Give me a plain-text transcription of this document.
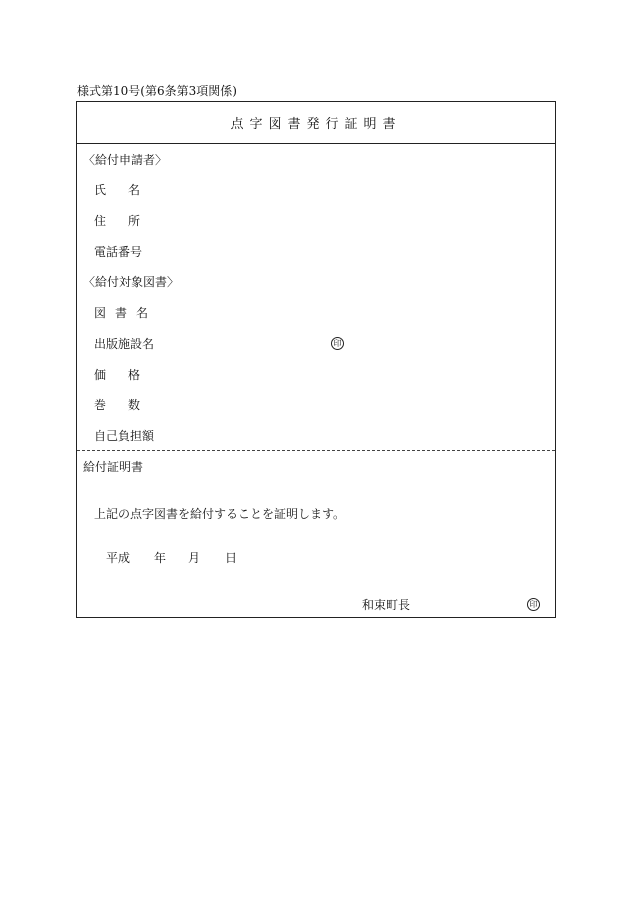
様式第10号(第6条第3項関係)
点字図書発行証明書
〈給付申請者〉
氏名
住所
電話番号
〈給付対象図書〉
図書名
出版施設名	印
価格
巻数
自己負担額
給付証明書
上記の点字図書を給付することを証明します。
平成 年 月 日
和束町長	印
